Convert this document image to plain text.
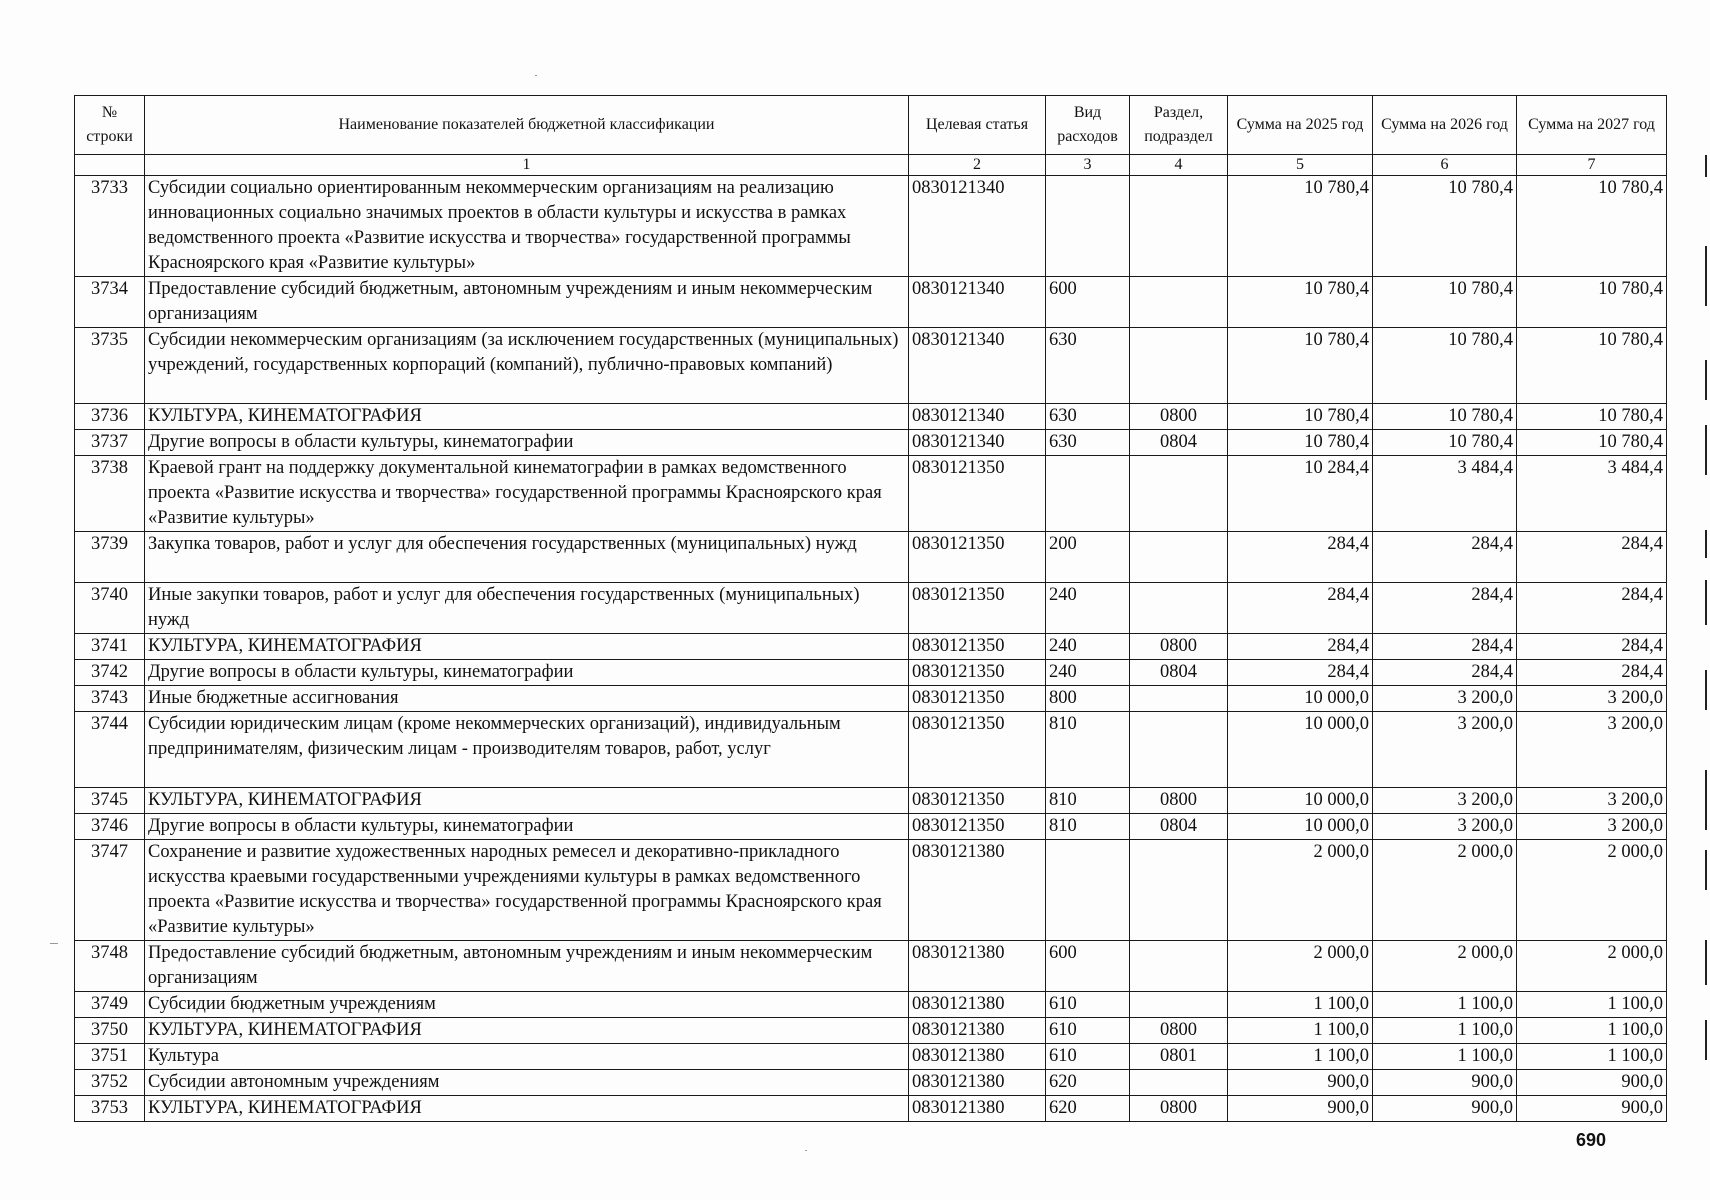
№ строки	Наименование показателей бюджетной классификации	Целевая статья	Вид расходов	Раздел, подраздел	Сумма на 2025 год	Сумма на 2026 год	Сумма на 2027 год
	1	2	3	4	5	6	7
3733	Субсидии социально ориентированным некоммерческим организациям на реализацию инновационных социально значимых проектов в области культуры и искусства в рамках ведомственного проекта «Развитие искусства и творчества» государственной программы Красноярского края «Развитие культуры»	0830121340			10 780,4	10 780,4	10 780,4
3734	Предоставление субсидий бюджетным, автономным учреждениям и иным некоммерческим организациям	0830121340	600		10 780,4	10 780,4	10 780,4
3735	Субсидии некоммерческим организациям (за исключением государственных (муниципальных) учреждений, государственных корпораций (компаний), публично-правовых компаний)	0830121340	630		10 780,4	10 780,4	10 780,4
3736	КУЛЬТУРА, КИНЕМАТОГРАФИЯ	0830121340	630	0800	10 780,4	10 780,4	10 780,4
3737	Другие вопросы в области культуры, кинематографии	0830121340	630	0804	10 780,4	10 780,4	10 780,4
3738	Краевой грант на поддержку документальной кинематографии в рамках ведомственного проекта «Развитие искусства и творчества» государственной программы Красноярского края «Развитие культуры»	0830121350			10 284,4	3 484,4	3 484,4
3739	Закупка товаров, работ и услуг для обеспечения государственных (муниципальных) нужд	0830121350	200		284,4	284,4	284,4
3740	Иные закупки товаров, работ и услуг для обеспечения государственных (муниципальных) нужд	0830121350	240		284,4	284,4	284,4
3741	КУЛЬТУРА, КИНЕМАТОГРАФИЯ	0830121350	240	0800	284,4	284,4	284,4
3742	Другие вопросы в области культуры, кинематографии	0830121350	240	0804	284,4	284,4	284,4
3743	Иные бюджетные ассигнования	0830121350	800		10 000,0	3 200,0	3 200,0
3744	Субсидии юридическим лицам (кроме некоммерческих организаций), индивидуальным предпринимателям, физическим лицам - производителям товаров, работ, услуг	0830121350	810		10 000,0	3 200,0	3 200,0
3745	КУЛЬТУРА, КИНЕМАТОГРАФИЯ	0830121350	810	0800	10 000,0	3 200,0	3 200,0
3746	Другие вопросы в области культуры, кинематографии	0830121350	810	0804	10 000,0	3 200,0	3 200,0
3747	Сохранение и развитие художественных народных ремесел и декоративно-прикладного искусства краевыми государственными учреждениями культуры в рамках ведомственного проекта «Развитие искусства и творчества» государственной программы Красноярского края «Развитие культуры»	0830121380			2 000,0	2 000,0	2 000,0
3748	Предоставление субсидий бюджетным, автономным учреждениям и иным некоммерческим организациям	0830121380	600		2 000,0	2 000,0	2 000,0
3749	Субсидии бюджетным учреждениям	0830121380	610		1 100,0	1 100,0	1 100,0
3750	КУЛЬТУРА, КИНЕМАТОГРАФИЯ	0830121380	610	0800	1 100,0	1 100,0	1 100,0
3751	Культура	0830121380	610	0801	1 100,0	1 100,0	1 100,0
3752	Субсидии автономным учреждениям	0830121380	620		900,0	900,0	900,0
3753	КУЛЬТУРА, КИНЕМАТОГРАФИЯ	0830121380	620	0800	900,0	900,0	900,0
690
